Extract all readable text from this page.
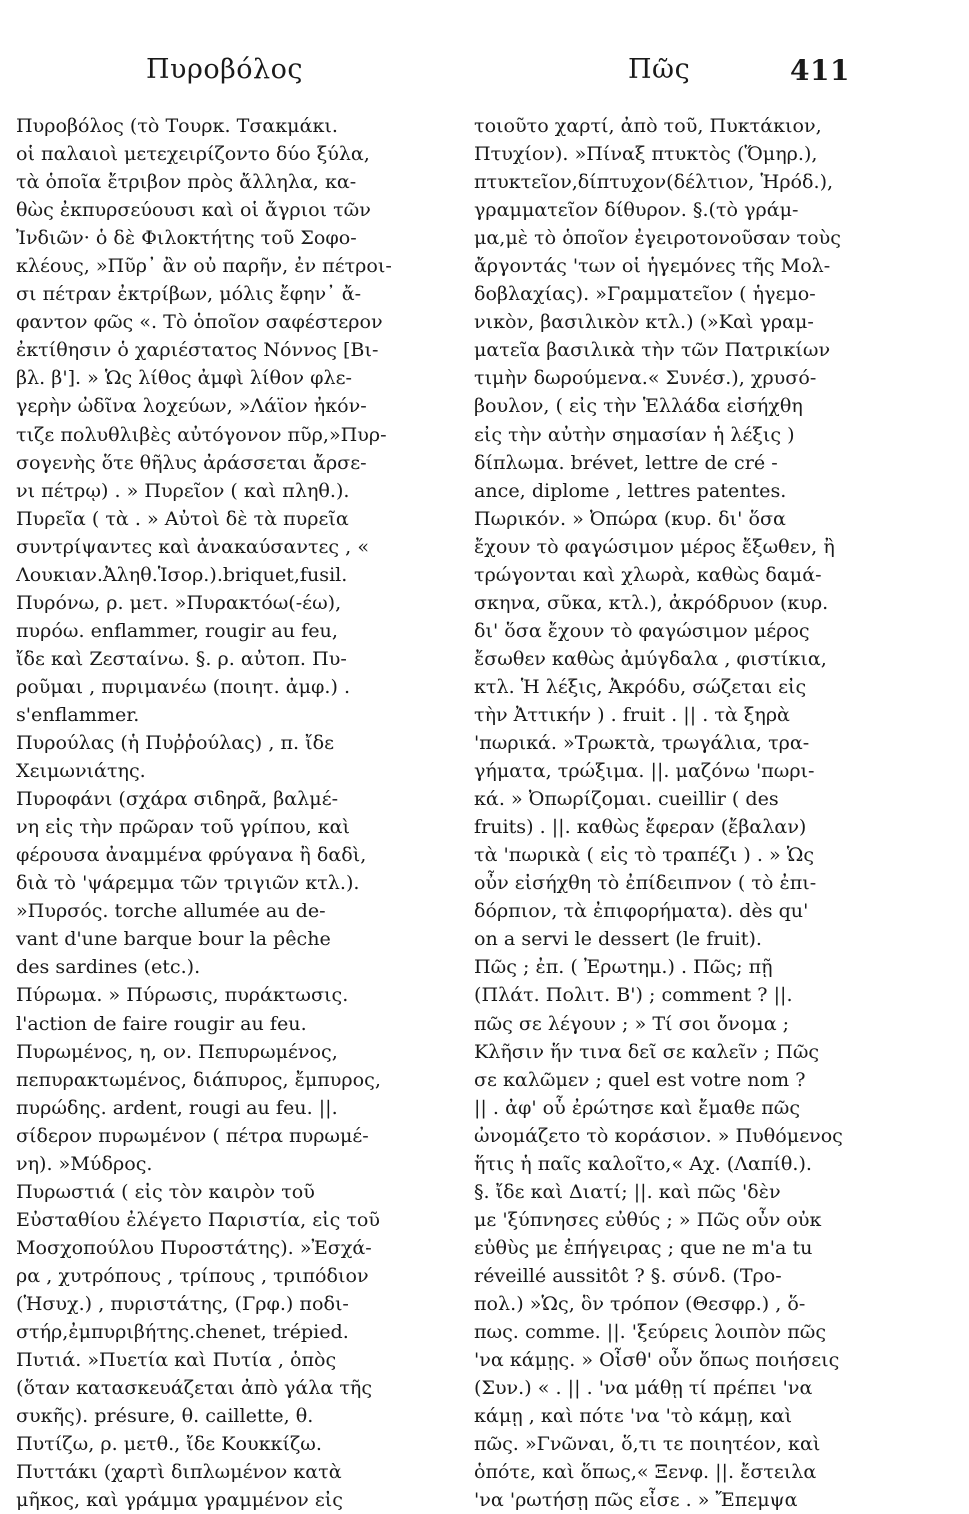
Πυροβόλος	Πῶς	411
Πυροβόλος (τὸ Τουρκ. Τσακμάκι.
οἱ παλαιοὶ μετεχειρίζοντο δύο ξύλα,
τὰ ὁποῖα ἔτριβον πρὸς ἄλληλα, κα-
θὼς ἐκπυρσεύουσι καὶ οἱ ἄγριοι τῶν
Ἰνδιῶν· ὁ δὲ Φιλοκτήτης τοῦ Σοφο-
κλέους, »Πῦρ᾽ ἂν οὐ παρῆν, ἐν πέτροι-
σι πέτραν ἐκτρίβων, μόλις ἔφην᾽ ἄ-
φαντον φῶς «. Τὸ ὁποῖον σαφέστερον
ἐκτίθησιν ὁ χαριέστατος Νόννος [Βι-
βλ. β']. » Ὡς λίθος ἀμφὶ λίθον φλε-
γερὴν ὠδῖνα λοχεύων, »Λάϊον ἠκόν-
τιζε πολυθλιβὲς αὐτόγονον πῦρ,»Πυρ-
σογενὴς ὅτε θῆλυς ἀράσσεται ἄρσε-
νι πέτρῳ) . » Πυρεῖον ( καὶ πληθ.).
Πυρεῖα ( τὰ . » Αὐτοὶ δὲ τὰ πυρεῖα
συντρίψαντες καὶ ἀνακαύσαντες , «
Λουκιαν.Ἀληθ.Ἱσορ.).briquet,fusil.
Πυρόνω, ρ. μετ. »Πυρακτόω(-έω),
πυρόω. enflammer, rougir au feu,
ἴδε καὶ Ζεσταίνω. §. ρ. αὐτοπ. Πυ-
ροῦμαι , πυριμανέω (ποιητ. ἀμφ.) .
s'enflammer.
Πυρούλας (ἡ Πυῤῥούλας) , π. ἴδε
Χειμωνιάτης.
Πυροφάνι (σχάρα σιδηρᾶ, βαλμέ-
νη εἰς τὴν πρῶραν τοῦ γρίπου, καὶ
φέρουσα ἀναμμένα φρύγανα ἢ δαδὶ,
διὰ τὸ 'ψάρεμμα τῶν τριγιῶν κτλ.).
»Πυρσός. torche allumée au de-
vant d'une barque bour la pêche
des sardines (etc.).
Πύρωμα. » Πύρωσις, πυράκτωσις.
l'action de faire rougir au feu.
Πυρωμένος, η, ον. Πεπυρωμένος,
πεπυρακτωμένος, διάπυρος, ἔμπυρος,
πυρώδης. ardent, rougi au feu. ||.
σίδερον πυρωμένον ( πέτρα πυρωμέ-
νη). »Μύδρος.
Πυρωστιά ( εἰς τὸν καιρὸν τοῦ
Εὐσταθίου ἐλέγετο Παριστία, εἰς τοῦ
Μοσχοπούλου Πυροστάτης). »Ἐσχά-
ρα , χυτρόπους , τρίπους , τριπόδιον
(Ἡσυχ.) , πυριστάτης, (Γρφ.) ποδι-
στήρ,ἐμπυριβήτης.chenet, trépied.
Πυτιά. »Πυετία καὶ Πυτία , ὁπὸς
(ὅταν κατασκευάζεται ἀπὸ γάλα τῆς
συκῆς). présure, θ. caillette, θ.
Πυτίζω, ρ. μετθ., ἴδε Κουκκίζω.
Πυττάκι (χαρτὶ διπλωμένον κατὰ
μῆκος, καὶ γράμμα γραμμένον εἰς
τοιοῦτο χαρτί, ἀπὸ τοῦ, Πυκτάκιον,
Πτυχίον). »Πίναξ πτυκτὸς (Ὅμηρ.),
πτυκτεῖον,δίπτυχον(δέλτιον, Ἡρόδ.),
γραμματεῖον δίθυρον. §.(τὸ γράμ-
μα,μὲ τὸ ὁποῖον ἐγειροτονοῦσαν τοὺς
ἄργοντάς 'των οἱ ἡγεμόνες τῆς Μολ-
δοβλαχίας). »Γραμματεῖον ( ἡγεμο-
νικὸν, βασιλικὸν κτλ.) (»Καὶ γραμ-
ματεῖα βασιλικὰ τὴν τῶν Πατρικίων
τιμὴν δωρούμενα.« Συνέσ.), χρυσό-
βουλον, ( εἰς τὴν Ἑλλάδα εἰσήχθη
εἰς τὴν αὐτὴν σημασίαν ἡ λέξις )
δίπλωμα. brévet, lettre de cré -
ance, diplome , lettres patentes.
Πωρικόν. » Ὀπώρα (κυρ. δι' ὅσα
ἔχουν τὸ φαγώσιμον μέρος ἔξωθεν, ἢ
τρώγονται καὶ χλωρὰ, καθὼς δαμά-
σκηνα, σῦκα, κτλ.), ἀκρόδρυον (κυρ.
δι' ὅσα ἔχουν τὸ φαγώσιμον μέρος
ἔσωθεν καθὼς ἀμύγδαλα , φιστίκια,
κτλ. Ἡ λέξις, Ἀκρόδυ, σώζεται εἰς
τὴν Ἀττικήν ) . fruit . || . τὰ ξηρὰ
'πωρικά. »Τρωκτὰ, τρωγάλια, τρα-
γήματα, τρώξιμα. ||. μαζόνω 'πωρι-
κά. » Ὀπωρίζομαι. cueillir ( des
fruits) . ||. καθὼς ἔφεραν (ἔβαλαν)
τὰ 'πωρικὰ ( εἰς τὸ τραπέζι ) . » Ὡς
οὖν εἰσήχθη τὸ ἐπίδειπνον ( τὸ ἐπι-
δόρπιον, τὰ ἐπιφορήματα). dès qu'
on a servi le dessert (le fruit).
Πῶς ; ἐπ. ( Ἐρωτημ.) . Πῶς; πῇ
(Πλάτ. Πολιτ. Β') ; comment ? ||.
πῶς σε λέγουν ; » Τί σοι ὄνομα ;
Κλῆσιν ἥν τινα δεῖ σε καλεῖν ; Πῶς
σε καλῶμεν ; quel est votre nom ?
|| . ἀφ' οὗ ἐρώτησε καὶ ἔμαθε πῶς
ὠνομάζετο τὸ κοράσιον. » Πυθόμενος
ἥτις ἡ παῖς καλοῖτο,« Αχ. (Λαπίθ.).
§. ἴδε καὶ Διατί; ||. καὶ πῶς 'δὲν
με 'ξύπνησες εὐθύς ; » Πῶς οὖν οὐκ
εὐθὺς με ἐπήγειρας ; que ne m'a tu
réveillé aussitôt ? §. σύνδ. (Τρο-
πολ.) »Ὡς, ὃν τρόπον (Θεσφρ.) , ὅ-
πως. comme. ||. 'ξεύρεις λοιπὸν πῶς
'να κάμῃς. » Οἶσθ' οὖν ὅπως ποιήσεις
(Συν.) « . || . 'να μάθῃ τί πρέπει 'να
κάμῃ , καὶ πότε 'να 'τὸ κάμῃ, καὶ
πῶς. »Γνῶναι, ὅ,τι τε ποιητέον, καὶ
ὁπότε, καὶ ὅπως,« Ξενφ. ||. ἔστειλα
'να 'ρωτήσῃ πῶς εἶσε . » Ἔπεμψα
